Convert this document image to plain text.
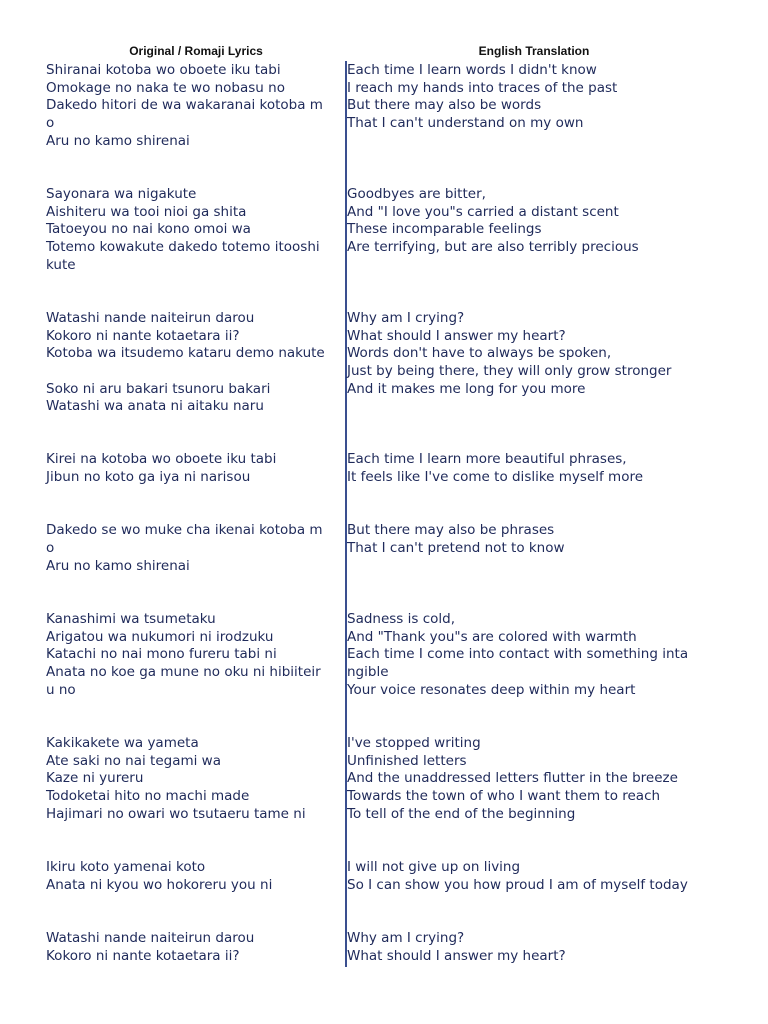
Original / Romaji Lyrics	English Translation
Shiranai kotoba wo oboete iku tabi
Omokage no naka te wo nobasu no
Dakedo hitori de wa wakaranai kotoba m
o
Aru no kamo shirenai
Sayonara wa nigakute
Aishiteru wa tooi nioi ga shita
Tatoeyou no nai kono omoi wa
Totemo kowakute dakedo totemo itooshi
kute
Watashi nande naiteirun darou
Kokoro ni nante kotaetara ii?
Kotoba wa itsudemo kataru demo nakute
Soko ni aru bakari tsunoru bakari
Watashi wa anata ni aitaku naru
Kirei na kotoba wo oboete iku tabi
Jibun no koto ga iya ni narisou
Dakedo se wo muke cha ikenai kotoba m
o
Aru no kamo shirenai
Kanashimi wa tsumetaku
Arigatou wa nukumori ni irodzuku
Katachi no nai mono fureru tabi ni
Anata no koe ga mune no oku ni hibiiteir
u no
Kakikakete wa yameta
Ate saki no nai tegami wa
Kaze ni yureru
Todoketai hito no machi made
Hajimari no owari wo tsutaeru tame ni
Ikiru koto yamenai koto
Anata ni kyou wo hokoreru you ni
Watashi nande naiteirun darou
Kokoro ni nante kotaetara ii?
Each time I learn words I didn't know
I reach my hands into traces of the past
But there may also be words
That I can't understand on my own
Goodbyes are bitter,
And "I love you"s carried a distant scent
These incomparable feelings
Are terrifying, but are also terribly precious
Why am I crying?
What should I answer my heart?
Words don't have to always be spoken,
Just by being there, they will only grow stronger
And it makes me long for you more
Each time I learn more beautiful phrases,
It feels like I've come to dislike myself more
But there may also be phrases
That I can't pretend not to know
Sadness is cold,
And "Thank you"s are colored with warmth
Each time I come into contact with something inta
ngible
Your voice resonates deep within my heart
I've stopped writing
Unfinished letters
And the unaddressed letters flutter in the breeze
Towards the town of who I want them to reach
To tell of the end of the beginning
I will not give up on living
So I can show you how proud I am of myself today
Why am I crying?
What should I answer my heart?
